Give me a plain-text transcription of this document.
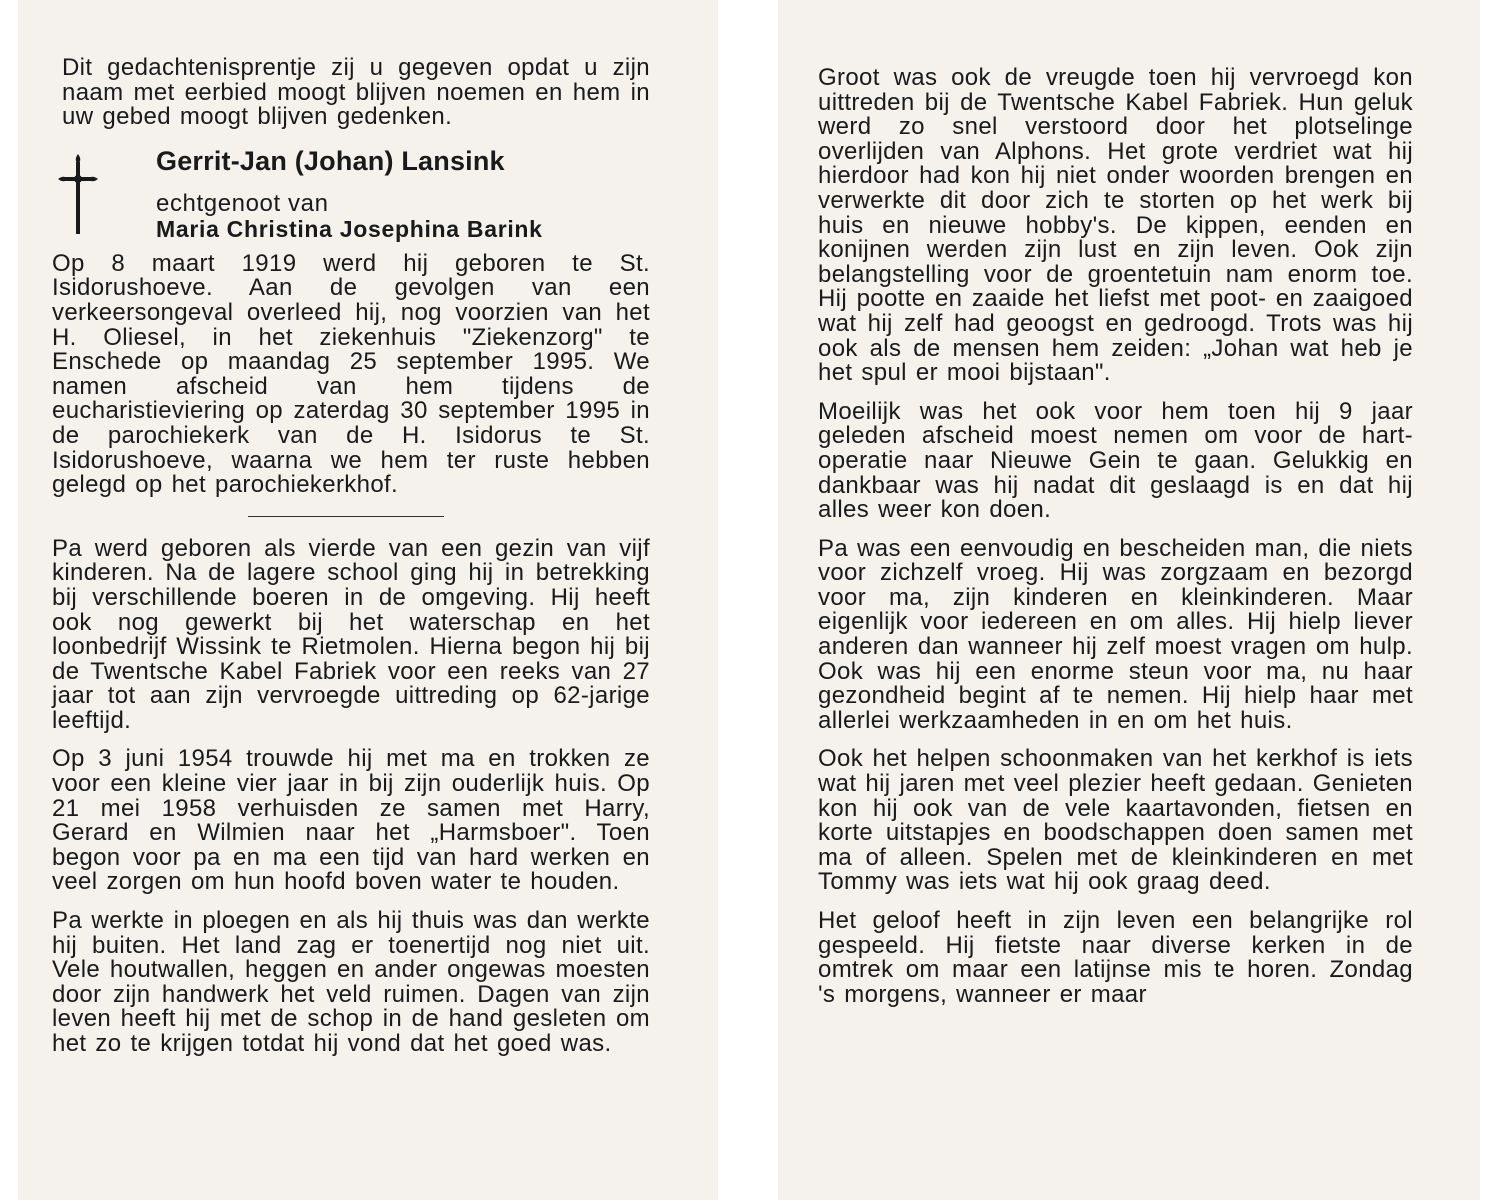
Dit gedachtenisprentje zij u gegeven opdat u zijn naam met eerbied moogt blijven noemen en hem in uw gebed moogt blijven gedenken.

Gerrit-Jan (Johan) Lansink
echtgenoot van
Maria Christina Josephina Barink

Op 8 maart 1919 werd hij geboren te St. Isidorushoeve. Aan de gevolgen van een verkeersongeval overleed hij, nog voorzien van het H. Oliesel, in het ziekenhuis "Ziekenzorg" te Enschede op maandag 25 september 1995. We namen afscheid van hem tijdens de eucharistieviering op zaterdag 30 september 1995 in de parochiekerk van de H. Isidorus te St. Isidorushoeve, waarna we hem ter ruste hebben gelegd op het parochiekerkhof.

Pa werd geboren als vierde van een gezin van vijf kinderen. Na de lagere school ging hij in betrekking bij verschillende boeren in de omgeving. Hij heeft ook nog gewerkt bij het waterschap en het loonbedrijf Wissink te Rietmolen. Hierna begon hij bij de Twentsche Kabel Fabriek voor een reeks van 27 jaar tot aan zijn vervroegde uittreding op 62-jarige leeftijd.

Op 3 juni 1954 trouwde hij met ma en trokken ze voor een kleine vier jaar in bij zijn ouderlijk huis. Op 21 mei 1958 verhuisden ze samen met Harry, Gerard en Wilmien naar het „Harmsboer". Toen begon voor pa en ma een tijd van hard werken en veel zorgen om hun hoofd boven water te houden.

Pa werkte in ploegen en als hij thuis was dan werkte hij buiten. Het land zag er toenertijd nog niet uit. Vele houtwallen, heggen en ander ongewas moesten door zijn handwerk het veld ruimen. Dagen van zijn leven heeft hij met de schop in de hand gesleten om het zo te krijgen totdat hij vond dat het goed was.

Groot was ook de vreugde toen hij vervroegd kon uittreden bij de Twentsche Kabel Fabriek. Hun geluk werd zo snel verstoord door het plotselinge overlijden van Alphons. Het grote verdriet wat hij hierdoor had kon hij niet onder woorden brengen en verwerkte dit door zich te storten op het werk bij huis en nieuwe hobby's. De kippen, eenden en konijnen werden zijn lust en zijn leven. Ook zijn belangstelling voor de groentetuin nam enorm toe. Hij pootte en zaaide het liefst met poot- en zaaigoed wat hij zelf had geoogst en gedroogd. Trots was hij ook als de mensen hem zeiden: „Johan wat heb je het spul er mooi bijstaan".

Moeilijk was het ook voor hem toen hij 9 jaar geleden afscheid moest nemen om voor de hart-operatie naar Nieuwe Gein te gaan. Gelukkig en dankbaar was hij nadat dit geslaagd is en dat hij alles weer kon doen.

Pa was een eenvoudig en bescheiden man, die niets voor zichzelf vroeg. Hij was zorgzaam en bezorgd voor ma, zijn kinderen en kleinkinderen. Maar eigenlijk voor iedereen en om alles. Hij hielp liever anderen dan wanneer hij zelf moest vragen om hulp. Ook was hij een enorme steun voor ma, nu haar gezondheid begint af te nemen. Hij hielp haar met allerlei werkzaamheden in en om het huis.

Ook het helpen schoonmaken van het kerkhof is iets wat hij jaren met veel plezier heeft gedaan. Genieten kon hij ook van de vele kaartavonden, fietsen en korte uitstapjes en boodschappen doen samen met ma of alleen. Spelen met de kleinkinderen en met Tommy was iets wat hij ook graag deed.

Het geloof heeft in zijn leven een belangrijke rol gespeeld. Hij fietste naar diverse kerken in de omtrek om maar een latijnse mis te horen. Zondag 's morgens, wanneer er maar
